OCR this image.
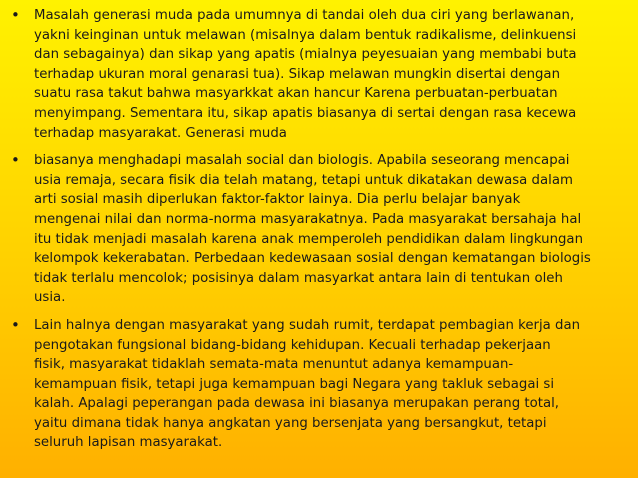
• Masalah generasi muda pada umumnya di tandai oleh dua ciri yang berlawanan,
yakni keinginan untuk melawan (misalnya dalam bentuk radikalisme, delinkuensi
dan sebagainya) dan sikap yang apatis (mialnya peyesuaian yang membabi buta
terhadap ukuran moral genarasi tua). Sikap melawan mungkin disertai dengan
suatu rasa takut bahwa masyarkkat akan hancur Karena perbuatan-perbuatan
menyimpang. Sementara itu, sikap apatis biasanya di sertai dengan rasa kecewa
terhadap masyarakat. Generasi muda
• biasanya menghadapi masalah social dan biologis. Apabila seseorang mencapai
usia remaja, secara fisik dia telah matang, tetapi untuk dikatakan dewasa dalam
arti sosial masih diperlukan faktor-faktor lainya. Dia perlu belajar banyak
mengenai nilai dan norma-norma masyarakatnya. Pada masyarakat bersahaja hal
itu tidak menjadi masalah karena anak memperoleh pendidikan dalam lingkungan
kelompok kekerabatan. Perbedaan kedewasaan sosial dengan kematangan biologis
tidak terlalu mencolok; posisinya dalam masyarkat antara lain di tentukan oleh
usia.
• Lain halnya dengan masyarakat yang sudah rumit, terdapat pembagian kerja dan
pengotakan fungsional bidang-bidang kehidupan. Kecuali terhadap pekerjaan
fisik, masyarakat tidaklah semata-mata menuntut adanya kemampuan-
kemampuan fisik, tetapi juga kemampuan bagi Negara yang takluk sebagai si
kalah. Apalagi peperangan pada dewasa ini biasanya merupakan perang total,
yaitu dimana tidak hanya angkatan yang bersenjata yang bersangkut, tetapi
seluruh lapisan masyarakat.
